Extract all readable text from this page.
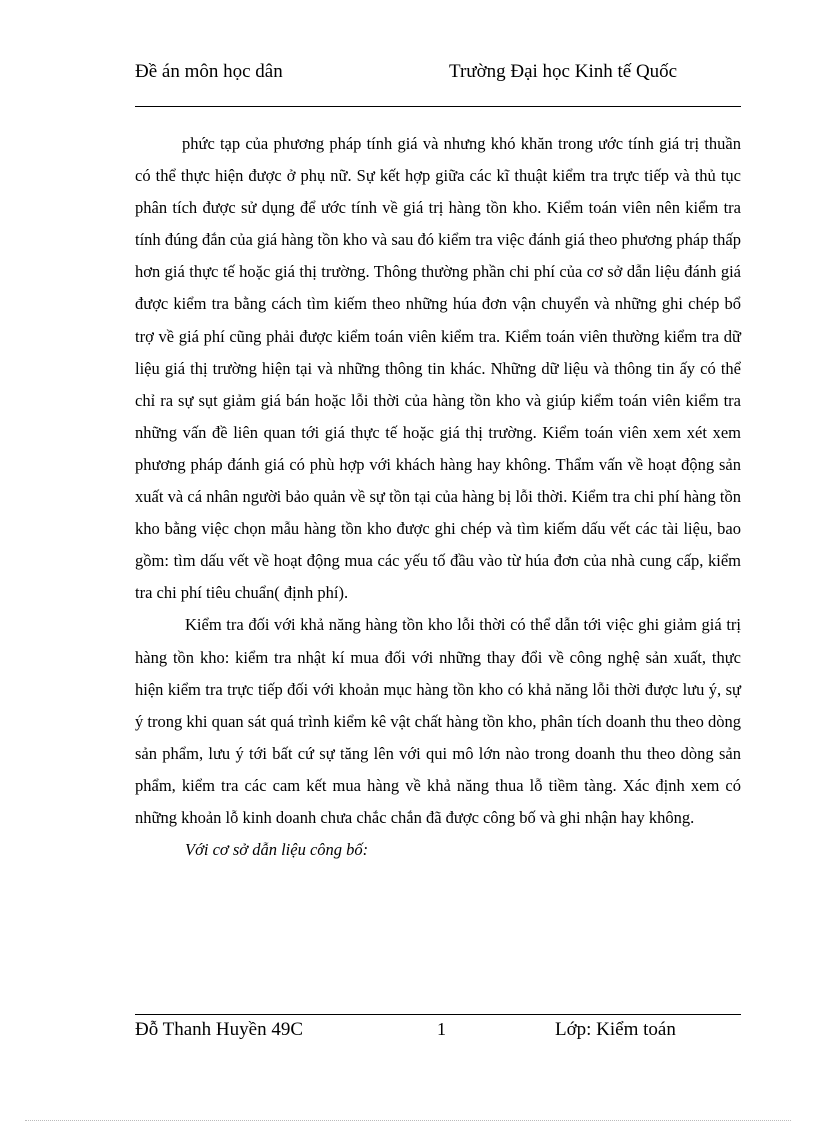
Đề án môn học dân	Trường Đại học Kinh tế Quốc

phức tạp của phương pháp tính giá và nhưng khó khăn trong ước tính giá trị thuần có thể thực hiện được ở phụ nữ. Sự kết hợp giữa các kĩ thuật kiểm tra trực tiếp và thủ tục phân tích được sử dụng để ước tính về giá trị hàng tồn kho. Kiểm toán viên nên kiểm tra tính đúng đắn của giá hàng tồn kho và sau đó kiểm tra việc đánh giá theo phương pháp thấp hơn giá thực tế hoặc giá thị trường. Thông thường phần chi phí của cơ sở dẫn liệu đánh giá được kiểm tra bằng cách tìm kiếm theo những húa đơn vận chuyển và những ghi chép bổ trợ về giá phí cũng phải được kiểm toán viên kiểm tra. Kiểm toán viên thường kiểm tra dữ liệu giá thị trường hiện tại và những thông tin khác. Những dữ liệu và thông tin ấy có thể chỉ ra sự sụt giảm giá bán hoặc lỗi thời của hàng tồn kho và giúp kiểm toán viên kiểm tra những vấn đề liên quan tới giá thực tế hoặc giá thị trường. Kiểm toán viên xem xét xem phương pháp đánh giá có phù hợp với khách hàng hay không. Thẩm vấn về hoạt động sản xuất và cá nhân người bảo quản về sự tồn tại của hàng bị lỗi thời. Kiểm tra chi phí hàng tồn kho bằng việc chọn mẫu hàng tồn kho được ghi chép và tìm kiếm dấu vết các tài liệu, bao gồm: tìm dấu vết về hoạt động mua các yếu tố đầu vào từ húa đơn của nhà cung cấp, kiểm tra chi phí tiêu chuẩn( định phí).

Kiểm tra đối với khả năng hàng tồn kho lỗi thời có thể dẫn tới việc ghi giảm giá trị hàng tồn kho: kiểm tra nhật kí mua đối với những thay đổi về công nghệ sản xuất, thực hiện kiểm tra trực tiếp đối với khoản mục hàng tồn kho có khả năng lỗi thời được lưu ý, sự ý trong khi quan sát quá trình kiểm kê vật chất hàng tồn kho, phân tích doanh thu theo dòng sản phẩm, lưu ý tới bất cứ sự tăng lên với qui mô lớn nào trong doanh thu theo dòng sản phẩm, kiểm tra các cam kết mua hàng về khả năng thua lỗ tiềm tàng. Xác định xem có những khoản lỗ kinh doanh chưa chắc chắn đã được công bố và ghi nhận hay không.

Với cơ sở dẫn liệu công bố:

Đỗ Thanh Huyền 49C	1	Lớp: Kiểm toán
